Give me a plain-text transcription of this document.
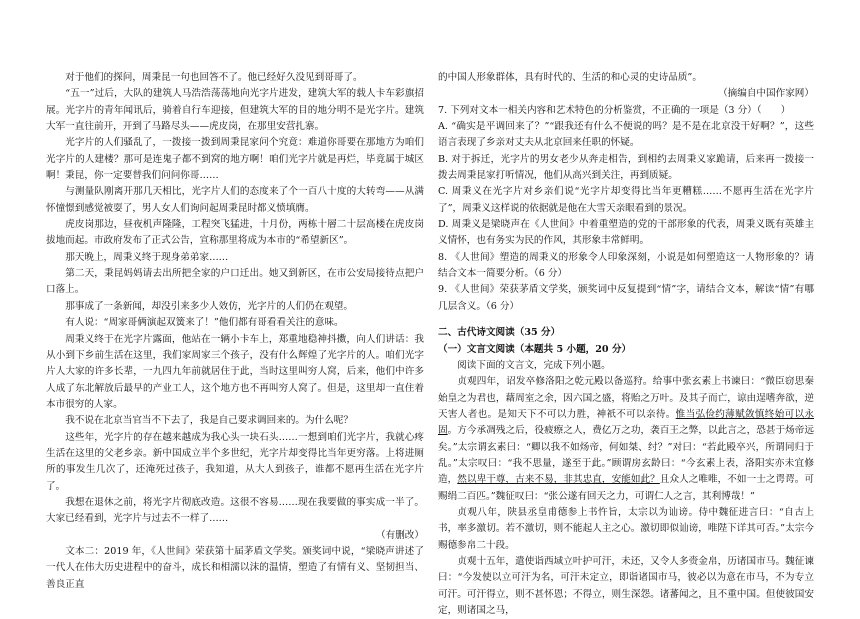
对于他们的探问，周秉昆一句也回答不了。他已经好久没见到哥哥了。

“五一”过后，大队的建筑人马浩浩荡荡地向光字片进发，建筑大军的载人卡车彩旗招展。光字片的青年闻讯后，骑着自行车迎接，但建筑大军的目的地分明不是光字片。建筑大军一直往前开，开到了马路尽头——虎皮岗，在那里安营扎寨。

光字片的人们骚乱了，一拨接一拨到周秉昆家问个究竟：难道你哥要在那地方为咱们光字片的人建楼？那可是连鬼子都不到窝的地方啊！咱们光字片就是再烂，毕竟属于城区啊！秉昆，你一定要替我们问问你哥……

与测量队刚离开那几天相比，光字片人们的态度来了个一百八十度的大转弯——从满怀憧憬到感觉被耍了，男人女人们询问起周秉昆时都义愤填膺。

虎皮岗那边，昼夜机声隆隆，工程突飞猛进，十月份，两栋十層二十层高楼在虎皮岗拔地而起。市政府发布了正式公告，宣称那里将成为本市的“希望新区”。

那天晚上，周秉义终于现身弟弟家……

第二天，秉昆妈妈请去出所把全家的户口迁出。她又到新区，在市公安局接待点把户口落上。

那事成了一条新闻，却没引来多少人效仿，光字片的人们仍在观望。

有人说：“周家哥俩演起双簧来了！”他们都有哥看看关注的意味。

周秉义终于在光字片露面，他站在一辆小卡车上，郑重地稳神抖擞，向人们讲话：我从小到下乡前生活在这里，我们家周家三个孩子，没有什么辉煌了光字片的人。咱们光字片人大家的许多长辈，一九四九年前就居住于此，当时这里叫穷人窝，后来，他们中许多人成了东北解放后最早的产业工人，这个地方也不再叫穷人窝了。但是，这里却一直住着本市很穷的人家。

我不说在北京当官当不下去了，我是自己要求调回来的。为什么呢？

这些年，光字片的存在越来越成为我心头一块石头……一想到咱们光字片，我就心疼生活在这里的父老乡亲。新中国成立半个多世纪，光字片却变得比当年更穷落。上将进厕所的事发生几次了，还淹死过孩子，我知道，从大人到孩子，谁都不愿再生活在光字片了。

我想在退休之前，将光字片彻底改造。这很不容易……现在我要做的事实成一半了。大家已经看到，光字片与过去不一样了……

（有删改）

文本二：2019 年，《人世间》荣获第十届茅盾文学奖。颁奖词中说，“梁晓声讲述了一代人在伟大历史进程中的奋斗，成长和相濡以沫的温情，塑造了有情有义、坚韧担当、善良正直

的中国人形象群体，具有时代的、生活的和心灵的史诗品质”。

（摘编自中国作家网）

7. 下列对文本一相关内容和艺术特色的分析鉴赏，不正确的一项是（3 分）（　　）

A. “确实是平调回来了？”“跟我还有什么不便说的吗？是不是在北京没干好啊？”，这些语言表现了乡亲对丈夫从北京回来任职的怀疑。

B. 对于拆迁，光字片的男女老少从奔走相告，到相约去周秉义家跪请，后来再一拨接一拨去周秉昆家打听情况，他们从高兴到关注，再到质疑。

C. 周秉义在光字片对乡亲们说“光字片却变得比当年更糟糕……不愿再生活在光字片了”，周秉义这样说的依据就是他在大雪天亲眼看到的景况。

D. 周秉义是梁晓声在《人世间》中着重塑造的党的干部形象的代表，周秉义既有英雄主义情怀，也有务实为民的作风，其形象丰常鲜明。

8. 《人世间》塑造的周秉义的形象令人印象深刻，小说是如何塑造这一人物形象的？请结合文本一简要分析。（6 分）

9. 《人世间》荣获茅盾文学奖，颁奖词中反复提到“情”字，请结合文本，解读“情”有哪几层含义。（6 分）

二、古代诗文阅读（35 分）

（一）文言文阅读（本题共 5 小题，20 分）

阅读下面的文言文，完成下列小题。

贞观四年，诏发卒修洛阳之乾元殿以备巡狩。给事中张玄素上书谏曰：“微臣窃思秦始皇之为君也，藉周室之余，因六国之盛，将贻之万叶。及其子而亡，谅由逞嗜奔欲，逆天害人者也。是知天下不可以力胜，神祇不可以亲待。惟当弘俭约薄赋敛慎终始可以永固。方今承凋残之后，役疲瘵之人，费亿万之功，袭百王之弊，以此言之，恐甚于炀帝远矣。”太宗谓玄素曰：“卿以我不如炀帝，何如桀、纣？”对曰：“若此殿卒兴，所谓同归于乱。”太宗叹曰：“我不思量，遂至于此。”顾谓房玄龄曰：“今玄素上表，洛阳实亦未宜修造，然以卑干尊，古来不易，非其忠直，安能如此？且众人之唯唯，不如一士之谔谔。可赐绢二百匹。”魏征叹曰：“张公遂有回天之力，可谓仁人之言，其利博哉！”

贞观八年，陕县丞皇甫德参上书忤旨，太宗以为讪谤。侍中魏征进言曰：“自古上书，率多激切。若不激切，则不能起人主之心。激切即似讪谤，唯陛下详其可否。”太宗今赐德参帛二十段。

贞观十五年，遣使诣西域立叶护可汗，未还，又令人多赍金帛，历诸国市马。魏征谏曰：“今发使以立可汗为名，可汗未定立，即诣诸国市马，彼必以为意在市马，不为专立可汗。可汗得立，则不甚怀恩；不得立，则生深怨。诸蕃闻之，且不重中国。但使彼国安定，则诸国之马，
